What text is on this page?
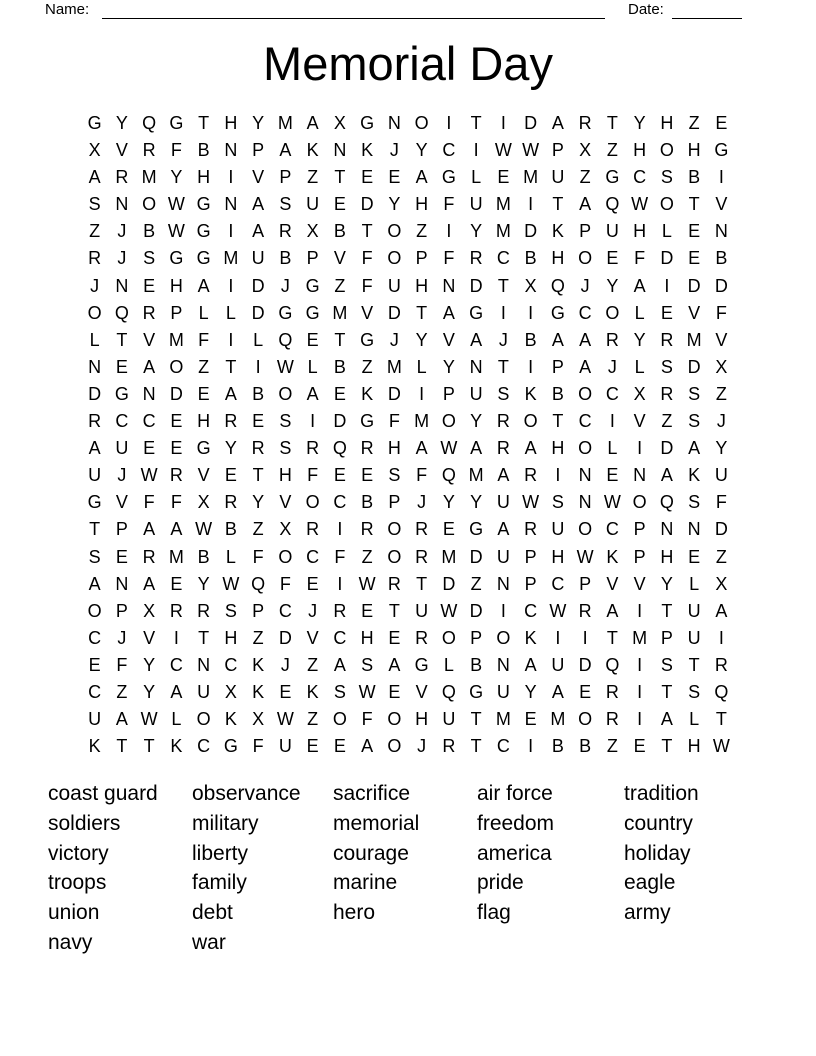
Name:	Date:
Memorial Day
G Y Q G T H Y M A X G N O I	T	I	D A R T Y H Z E
X V R F B N P A K N K J Y C	I W W P X Z H O H G
A R M Y H	I	V P Z T E E A G L E M U Z G C S B	I
S N O W G N A S U E D Y H F U M I	T A Q W O T V
Z J B W G I	A R X B T O Z	I	Y M D K P U H L E N
R J S G G M U B P V F O P F R C B H O E F D E B
J N E H A	I	D J G Z F U H N D T X Q J Y A	I	D D
O Q R P L L D G G M V D T A G I	I G C O L E V F
L T V M F	I	L Q E T G J Y V A J B A A R Y R M V
N E A O Z T	I W L B Z M L Y N T	I	P A J L S D X
D G N D E A B O A E K D	I	P U S K B O C X R S Z
R C C E H R E S	I	D G F M O Y R O T C	I	V Z S J
A U E E G Y R S R Q R H A W A R A H O L	I	D A Y
U J W R V E T H F E E S F Q M A R	I	N E N A K U
G V F F X R Y V O C B P J Y Y U W S N W O Q S F
T P A A W B Z X R	I	R O R E G A R U O C P N N D
S E R M B L F O C F Z O R M D U P H W K P H E Z
A N A E Y W Q F E	I W R T D Z N P C P V V Y L X
O P X R R S P C J R E T U W D	I	C W R A	I	T U A
C J V	I	T H Z D V C H E R O P O K	I	I	T M P U	I
E F Y C N C K J Z A S A G L B N A U D Q I	S T R
C Z Y A U X K E K S W E V Q G U Y A E R	I	T S Q
U A W L O K X W Z O F O H U T M E M O R	I	A L T
K T T K C G F U E E A O J R T C	I	B B Z E T H W
coast guard
soldiers
victory
troops
union
navy
observance
military
liberty
family
debt
war
sacrifice
memorial
courage
marine
hero
air force
freedom
america
pride
flag
tradition
country
holiday
eagle
army
